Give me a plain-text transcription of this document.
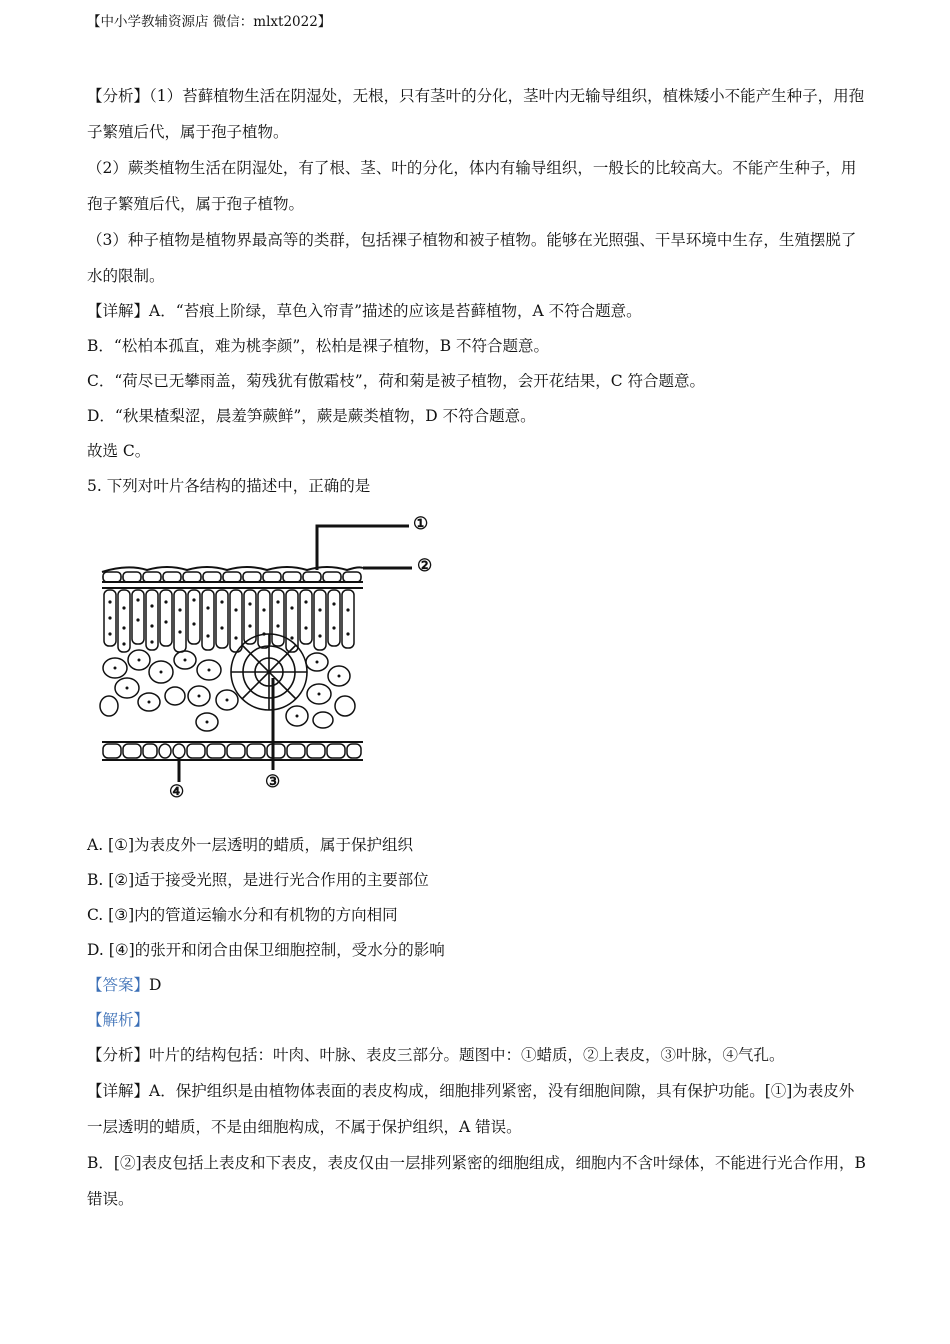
【中小学教辅资源店 微信：mlxt2022】

【分析】（1）苔藓植物生活在阴湿处，无根，只有茎叶的分化，茎叶内无输导组织，植株矮小不能产生种子，用孢子繁殖后代，属于孢子植物。

（2）蕨类植物生活在阴湿处，有了根、茎、叶的分化，体内有输导组织，一般长的比较高大。不能产生种子，用孢子繁殖后代，属于孢子植物。

（3）种子植物是植物界最高等的类群，包括裸子植物和被子植物。能够在光照强、干旱环境中生存，生殖摆脱了水的限制。

【详解】A．“苔痕上阶绿，草色入帘青”描述的应该是苔藓植物，A 不符合题意。

B．“松柏本孤直，难为桃李颜”，松柏是裸子植物，B 不符合题意。

C．“荷尽已无攀雨盖，菊残犹有傲霜枝”，荷和菊是被子植物，会开花结果，C 符合题意。

D．“秋果楂梨涩，晨羞笋蕨鲜”，蕨是蕨类植物，D 不符合题意。

故选 C。

5. 下列对叶片各结构的描述中，正确的是

①
②
③
④

A. [①]为表皮外一层透明的蜡质，属于保护组织

B. [②]适于接受光照，是进行光合作用的主要部位

C. [③]内的管道运输水分和有机物的方向相同

D. [④]的张开和闭合由保卫细胞控制，受水分的影响

【答案】D

【解析】

【分析】叶片的结构包括：叶肉、叶脉、表皮三部分。题图中：①蜡质，②上表皮，③叶脉，④气孔。

【详解】A．保护组织是由植物体表面的表皮构成，细胞排列紧密，没有细胞间隙，具有保护功能。[①]为表皮外一层透明的蜡质，不是由细胞构成，不属于保护组织，A 错误。

B．[②]表皮包括上表皮和下表皮，表皮仅由一层排列紧密的细胞组成，细胞内不含叶绿体，不能进行光合作用，B 错误。
